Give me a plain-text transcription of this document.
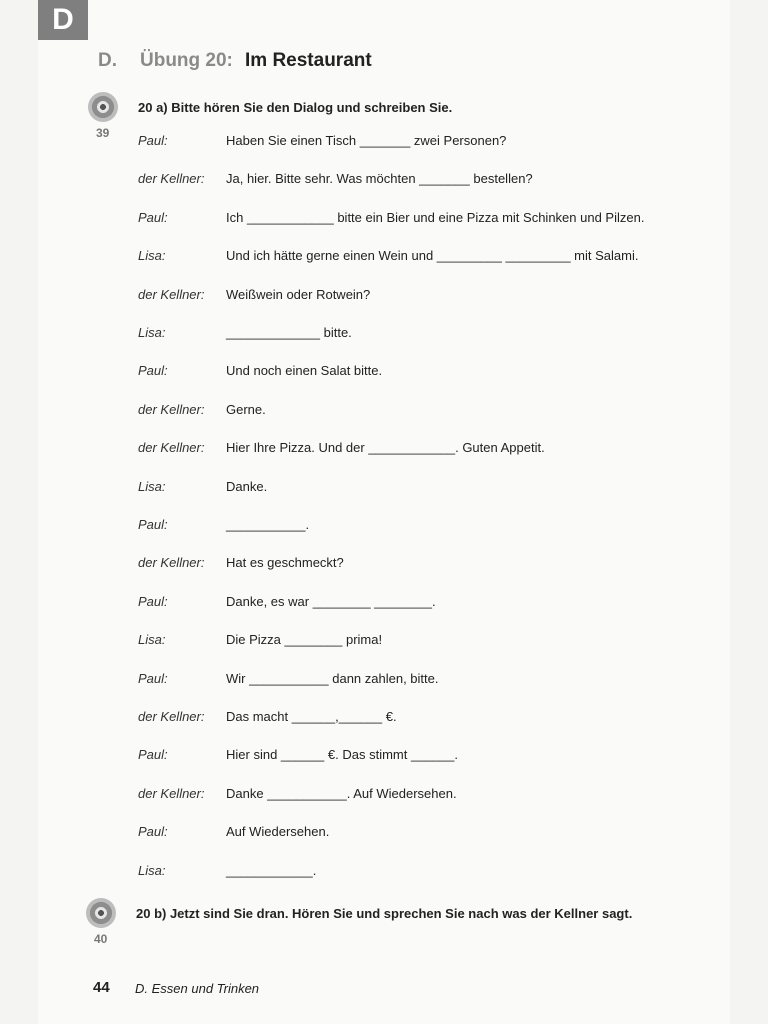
D
D. Übung 20: Im Restaurant
39
20 a) Bitte hören Sie den Dialog und schreiben Sie.
Paul:	Haben Sie einen Tisch _______ zwei Personen?
der Kellner: Ja, hier. Bitte sehr. Was möchten _______ bestellen?
Paul:	Ich ____________ bitte ein Bier und eine Pizza mit Schinken und Pilzen.
Lisa:	Und ich hätte gerne einen Wein und _________ _________ mit Salami.
der Kellner: Weißwein oder Rotwein?
Lisa:	_____________ bitte.
Paul:	Und noch einen Salat bitte.
der Kellner: Gerne.
der Kellner: Hier Ihre Pizza. Und der ____________. Guten Appetit.
Lisa:	Danke.
Paul:	___________.
der Kellner: Hat es geschmeckt?
Paul:	Danke, es war ________ ________.
Lisa:	Die Pizza ________ prima!
Paul:	Wir ___________ dann zahlen, bitte.
der Kellner: Das macht ______,______ €.
Paul:	Hier sind ______ €. Das stimmt ______.
der Kellner: Danke ___________. Auf Wiedersehen.
Paul:	Auf Wiedersehen.
Lisa:	____________.
40
20 b) Jetzt sind Sie dran. Hören Sie und sprechen Sie nach was der Kellner sagt.
44 D. Essen und Trinken
